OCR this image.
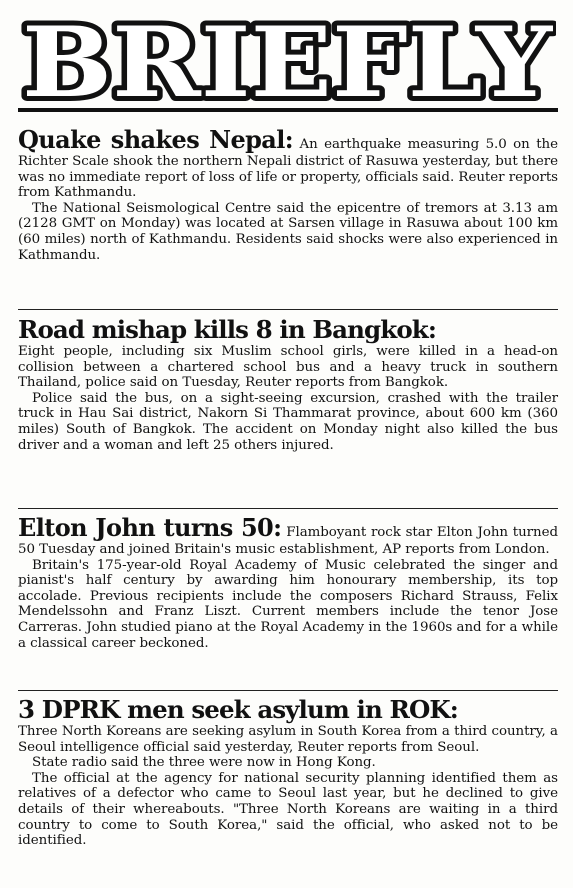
BRIEFLY

Quake shakes Nepal: An earthquake measuring 5.0 on the Richter Scale shook the northern Nepali district of Rasuwa yesterday, but there was no immediate report of loss of life or property, officials said. Reuter reports from Kathmandu.

The National Seismological Centre said the epicentre of tremors at 3.13 am (2128 GMT on Monday) was located at Sarsen village in Rasuwa about 100 km (60 miles) north of Kathmandu. Residents said shocks were also experienced in Kathmandu.

Road mishap kills 8 in Bangkok:

Eight people, including six Muslim school girls, were killed in a head-on collision between a chartered school bus and a heavy truck in southern Thailand, police said on Tuesday, Reuter reports from Bangkok.

Police said the bus, on a sight-seeing excursion, crashed with the trailer truck in Hau Sai district, Nakorn Si Thammarat province, about 600 km (360 miles) South of Bangkok. The accident on Monday night also killed the bus driver and a woman and left 25 others injured.

Elton John turns 50: Flamboyant rock star Elton John turned 50 Tuesday and joined Britain's music establishment, AP reports from London.

Britain's 175-year-old Royal Academy of Music celebrated the singer and pianist's half century by awarding him honourary membership, its top accolade. Previous recipients include the composers Richard Strauss, Felix Mendelssohn and Franz Liszt. Current members include the tenor Jose Carreras. John studied piano at the Royal Academy in the 1960s and for a while a classical career beckoned.

3 DPRK men seek asylum in ROK:

Three North Koreans are seeking asylum in South Korea from a third country, a Seoul intelligence official said yesterday, Reuter reports from Seoul.

State radio said the three were now in Hong Kong.

The official at the agency for national security planning identified them as relatives of a defector who came to Seoul last year, but he declined to give details of their whereabouts. "Three North Koreans are waiting in a third country to come to South Korea," said the official, who asked not to be identified.
